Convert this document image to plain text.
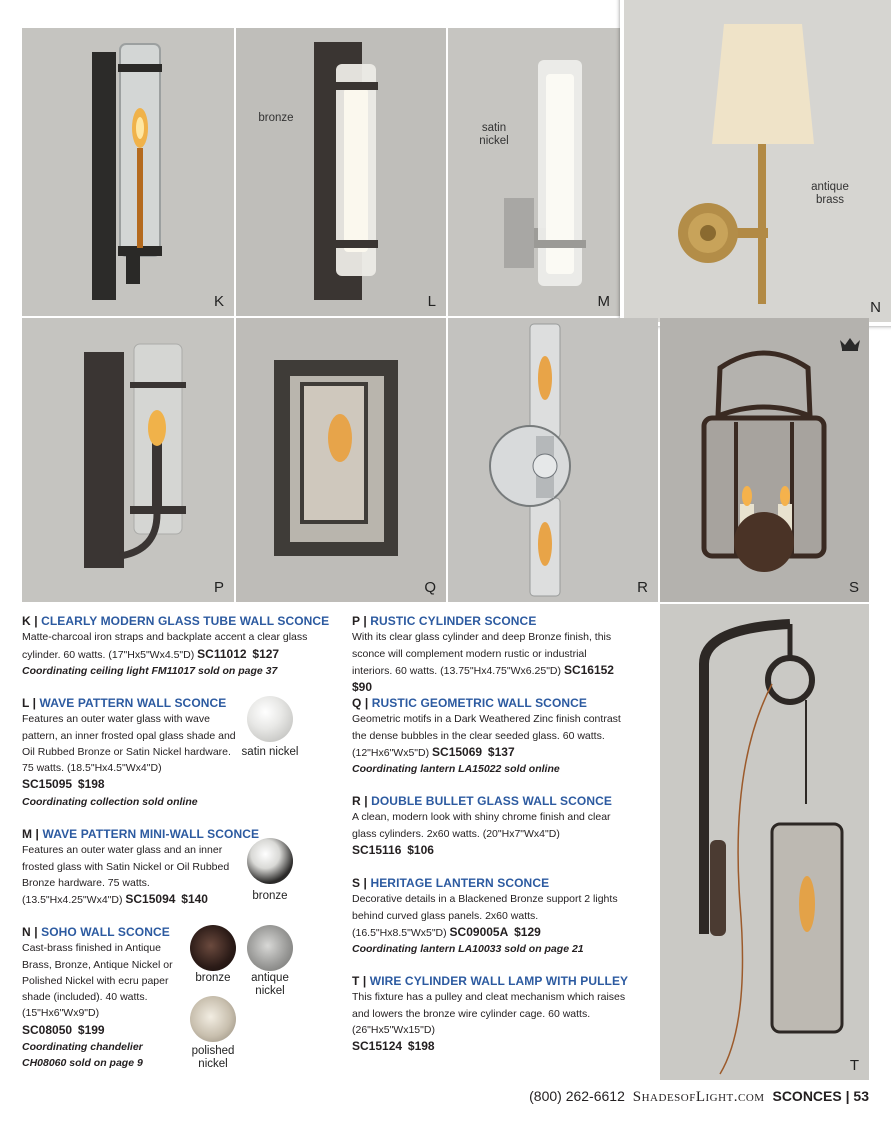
K
bronze
L
satin nickel
M
antique brass
N
P	Q	R	S
T
K | CLEARLY MODERN GLASS TUBE WALL SCONCE
Matte-charcoal iron straps and backplate accent a clear glass cylinder. 60 watts. (17"Hx5"Wx4.5"D) SC11012 $127
Coordinating ceiling light FM11017 sold on page 37
L | WAVE PATTERN WALL SCONCE
Features an outer water glass with wave pattern, an inner frosted opal glass shade and Oil Rubbed Bronze or Satin Nickel hardware. 75 watts. (18.5"Hx4.5"Wx4"D)
SC15095 $198
Coordinating collection sold online
satin nickel
M | WAVE PATTERN MINI-WALL SCONCE
Features an outer water glass and an inner frosted glass with Satin Nickel or Oil Rubbed Bronze hardware. 75 watts. (13.5"Hx4.25"Wx4"D) SC15094 $140	bronze
N | SOHO WALL SCONCE
Cast-brass finished in Antique Brass, Bronze, Antique Nickel or Polished Nickel with ecru paper shade (included). 40 watts. (15"Hx6"Wx9"D)
SC08050 $199
Coordinating chandelier CH08060 sold on page 9
bronze	antique nickel
polished nickel
P | RUSTIC CYLINDER SCONCE
With its clear glass cylinder and deep Bronze finish, this sconce will complement modern rustic or industrial interiors. 60 watts. (13.75"Hx4.75"Wx6.25"D) SC16152  $90
Q | RUSTIC GEOMETRIC WALL SCONCE
Geometric motifs in a Dark Weathered Zinc finish contrast the dense bubbles in the clear seeded glass. 60 watts. (12"Hx6"Wx5"D) SC15069 $137
Coordinating lantern LA15022 sold online
R | DOUBLE BULLET GLASS WALL SCONCE
A clean, modern look with shiny chrome finish and clear glass cylinders. 2x60 watts. (20"Hx7"Wx4"D)
SC15116 $106
S | HERITAGE LANTERN SCONCE
Decorative details in a Blackened Bronze support 2 lights behind curved glass panels. 2x60 watts. (16.5"Hx8.5"Wx5"D) SC09005A $129
Coordinating lantern LA10033 sold on page 21
T | WIRE CYLINDER WALL LAMP WITH PULLEY
This fixture has a pulley and cleat mechanism which raises and lowers the bronze wire cylinder cage. 60 watts. (26"Hx5"Wx15"D)
SC15124 $198
(800) 262-6612 ShadesofLight.com SCONCES | 53
